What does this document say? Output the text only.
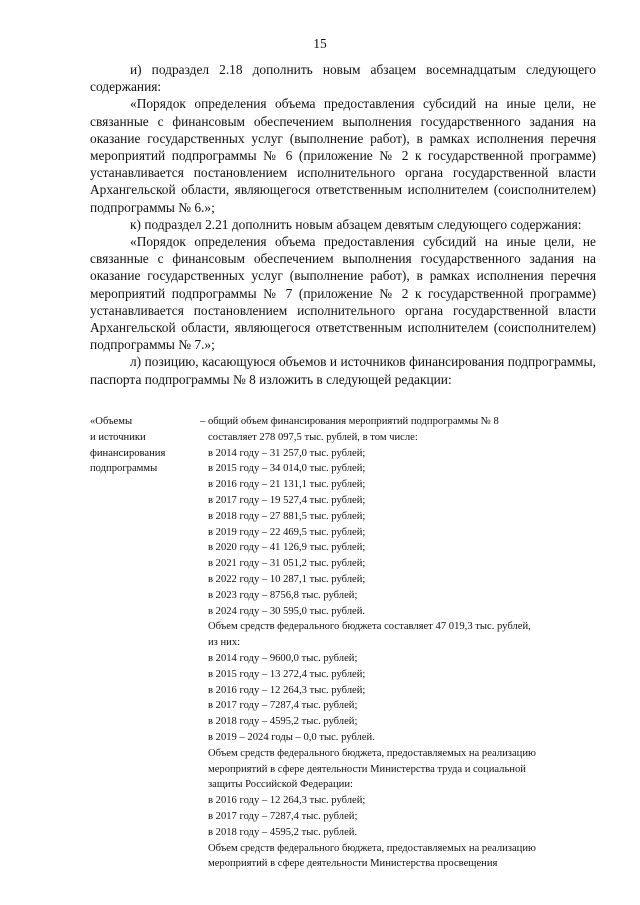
15

и) подраздел 2.18 дополнить новым абзацем восемнадцатым следующего содержания:

«Порядок определения объема предоставления субсидий на иные цели, не связанные с финансовым обеспечением выполнения государственного задания на оказание государственных услуг (выполнение работ), в рамках исполнения перечня мероприятий подпрограммы № 6 (приложение № 2 к государственной программе) устанавливается постановлением исполнительного органа государственной власти Архангельской области, являющегося ответственным исполнителем (соисполнителем) подпрограммы № 6.»;

к) подраздел 2.21 дополнить новым абзацем девятым следующего содержания:

«Порядок определения объема предоставления субсидий на иные цели, не связанные с финансовым обеспечением выполнения государственного задания на оказание государственных услуг (выполнение работ), в рамках исполнения перечня мероприятий подпрограммы № 7 (приложение № 2 к государственной программе) устанавливается постановлением исполнительного органа государственной власти Архангельской области, являющегося ответственным исполнителем (соисполнителем) подпрограммы № 7.»;

л) позицию, касающуюся объемов и источников финансирования подпрограммы, паспорта подпрограммы № 8 изложить в следующей редакции:

«Объемы
и источники
финансирования
подпрограммы
– общий объем финансирования мероприятий подпрограммы № 8
составляет 278 097,5 тыс. рублей, в том числе:
в 2014 году – 31 257,0 тыс. рублей;
в 2015 году – 34 014,0 тыс. рублей;
в 2016 году – 21 131,1 тыс. рублей;
в 2017 году – 19 527,4 тыс. рублей;
в 2018 году – 27 881,5 тыс. рублей;
в 2019 году – 22 469,5 тыс. рублей;
в 2020 году – 41 126,9 тыс. рублей;
в 2021 году – 31 051,2 тыс. рублей;
в 2022 году – 10 287,1 тыс. рублей;
в 2023 году – 8756,8 тыс. рублей;
в 2024 году – 30 595,0 тыс. рублей.
Объем средств федерального бюджета составляет 47 019,3 тыс. рублей,
из них:
в 2014 году – 9600,0 тыс. рублей;
в 2015 году – 13 272,4 тыс. рублей;
в 2016 году – 12 264,3 тыс. рублей;
в 2017 году – 7287,4 тыс. рублей;
в 2018 году – 4595,2 тыс. рублей;
в 2019 – 2024 годы – 0,0 тыс. рублей.
Объем средств федерального бюджета, предоставляемых на реализацию
мероприятий в сфере деятельности Министерства труда и социальной
защиты Российской Федерации:
в 2016 году – 12 264,3 тыс. рублей;
в 2017 году – 7287,4 тыс. рублей;
в 2018 году – 4595,2 тыс. рублей.
Объем средств федерального бюджета, предоставляемых на реализацию
мероприятий в сфере деятельности Министерства просвещения
